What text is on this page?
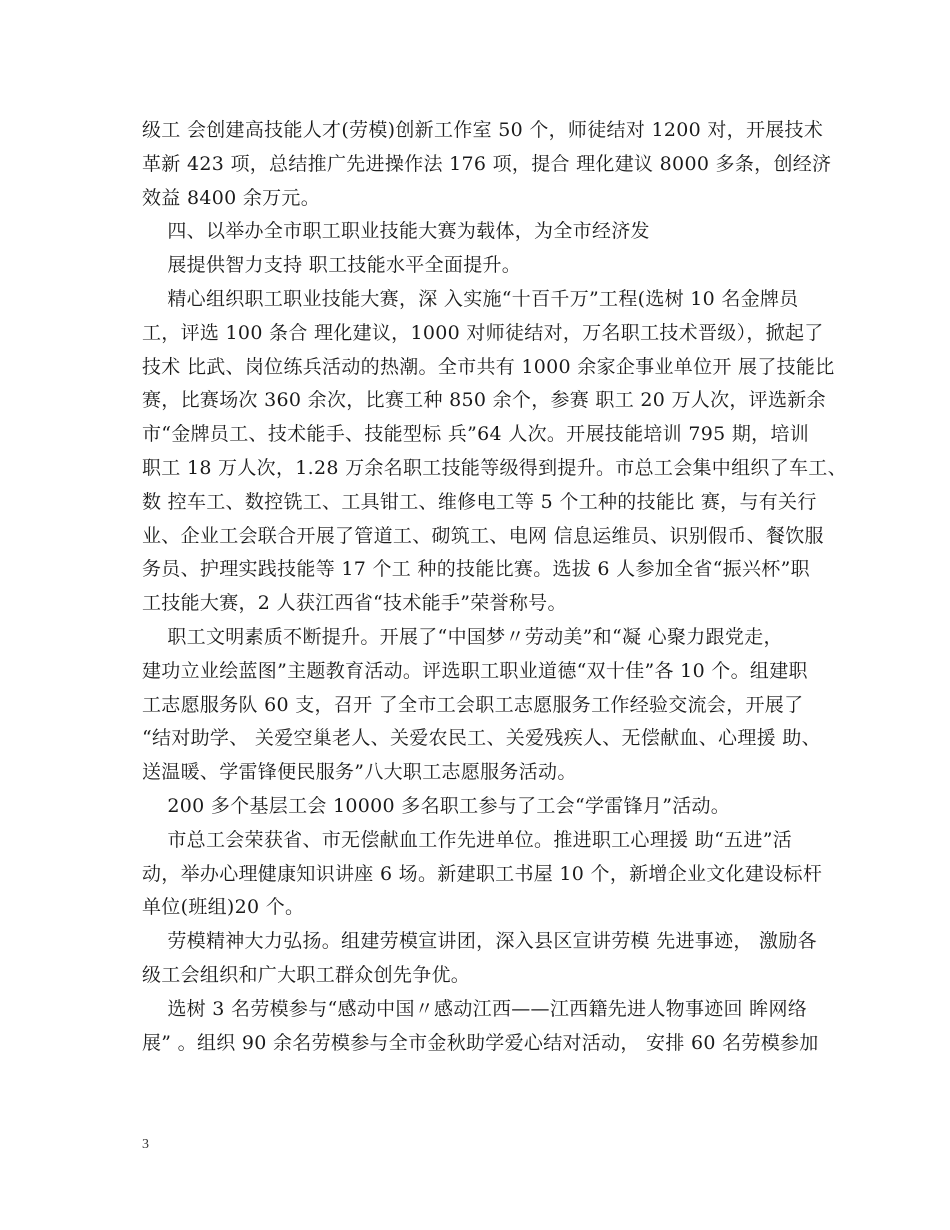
级工 会创建高技能人才(劳模)创新工作室 50 个，师徒结对 1200 对，开展技术
革新 423 项，总结推广先进操作法 176 项，提合 理化建议 8000 多条，创经济
效益 8400 余万元。
四、以举办全市职工职业技能大赛为载体，为全市经济发
展提供智力支持 职工技能水平全面提升。
精心组织职工职业技能大赛，深 入实施“十百千万”工程(选树 10 名金牌员
工，评选 100 条合 理化建议，1000 对师徒结对，万名职工技术晋级），掀起了
技术 比武、岗位练兵活动的热潮。全市共有 1000 余家企事业单位开 展了技能比
赛，比赛场次 360 余次，比赛工种 850 余个，参赛 职工 20 万人次，评选新余
市“金牌员工、技术能手、技能型标 兵”64 人次。开展技能培训 795 期，培训
职工 18 万人次，1.28 万余名职工技能等级得到提升。市总工会集中组织了车工、
数 控车工、数控铣工、工具钳工、维修电工等 5 个工种的技能比 赛，与有关行
业、企业工会联合开展了管道工、砌筑工、电网 信息运维员、识别假币、餐饮服
务员、护理实践技能等 17 个工 种的技能比赛。选拔 6 人参加全省“振兴杯”职
工技能大赛，2 人获江西省“技术能手”荣誉称号。
职工文明素质不断提升。开展了“中国梦〃劳动美”和“凝 心聚力跟党走，
建功立业绘蓝图”主题教育活动。评选职工职业道德“双十佳”各 10 个。组建职
工志愿服务队 60 支，召开 了全市工会职工志愿服务工作经验交流会，开展了
“结对助学、 关爱空巢老人、关爱农民工、关爱残疾人、无偿献血、心理援 助、
送温暖、学雷锋便民服务”八大职工志愿服务活动。
200 多个基层工会 10000 多名职工参与了工会“学雷锋月”活动。
市总工会荣获省、市无偿献血工作先进单位。推进职工心理援 助“五进”活
动，举办心理健康知识讲座 6 场。新建职工书屋 10 个，新增企业文化建设标杆
单位(班组)20 个。
劳模精神大力弘扬。组建劳模宣讲团，深入县区宣讲劳模 先进事迹， 激励各
级工会组织和广大职工群众创先争优。
选树 3 名劳模参与“感动中国〃感动江西——江西籍先进人物事迹回 眸网络
展” 。组织 90 余名劳模参与全市金秋助学爱心结对活动， 安排 60 名劳模参加
3
